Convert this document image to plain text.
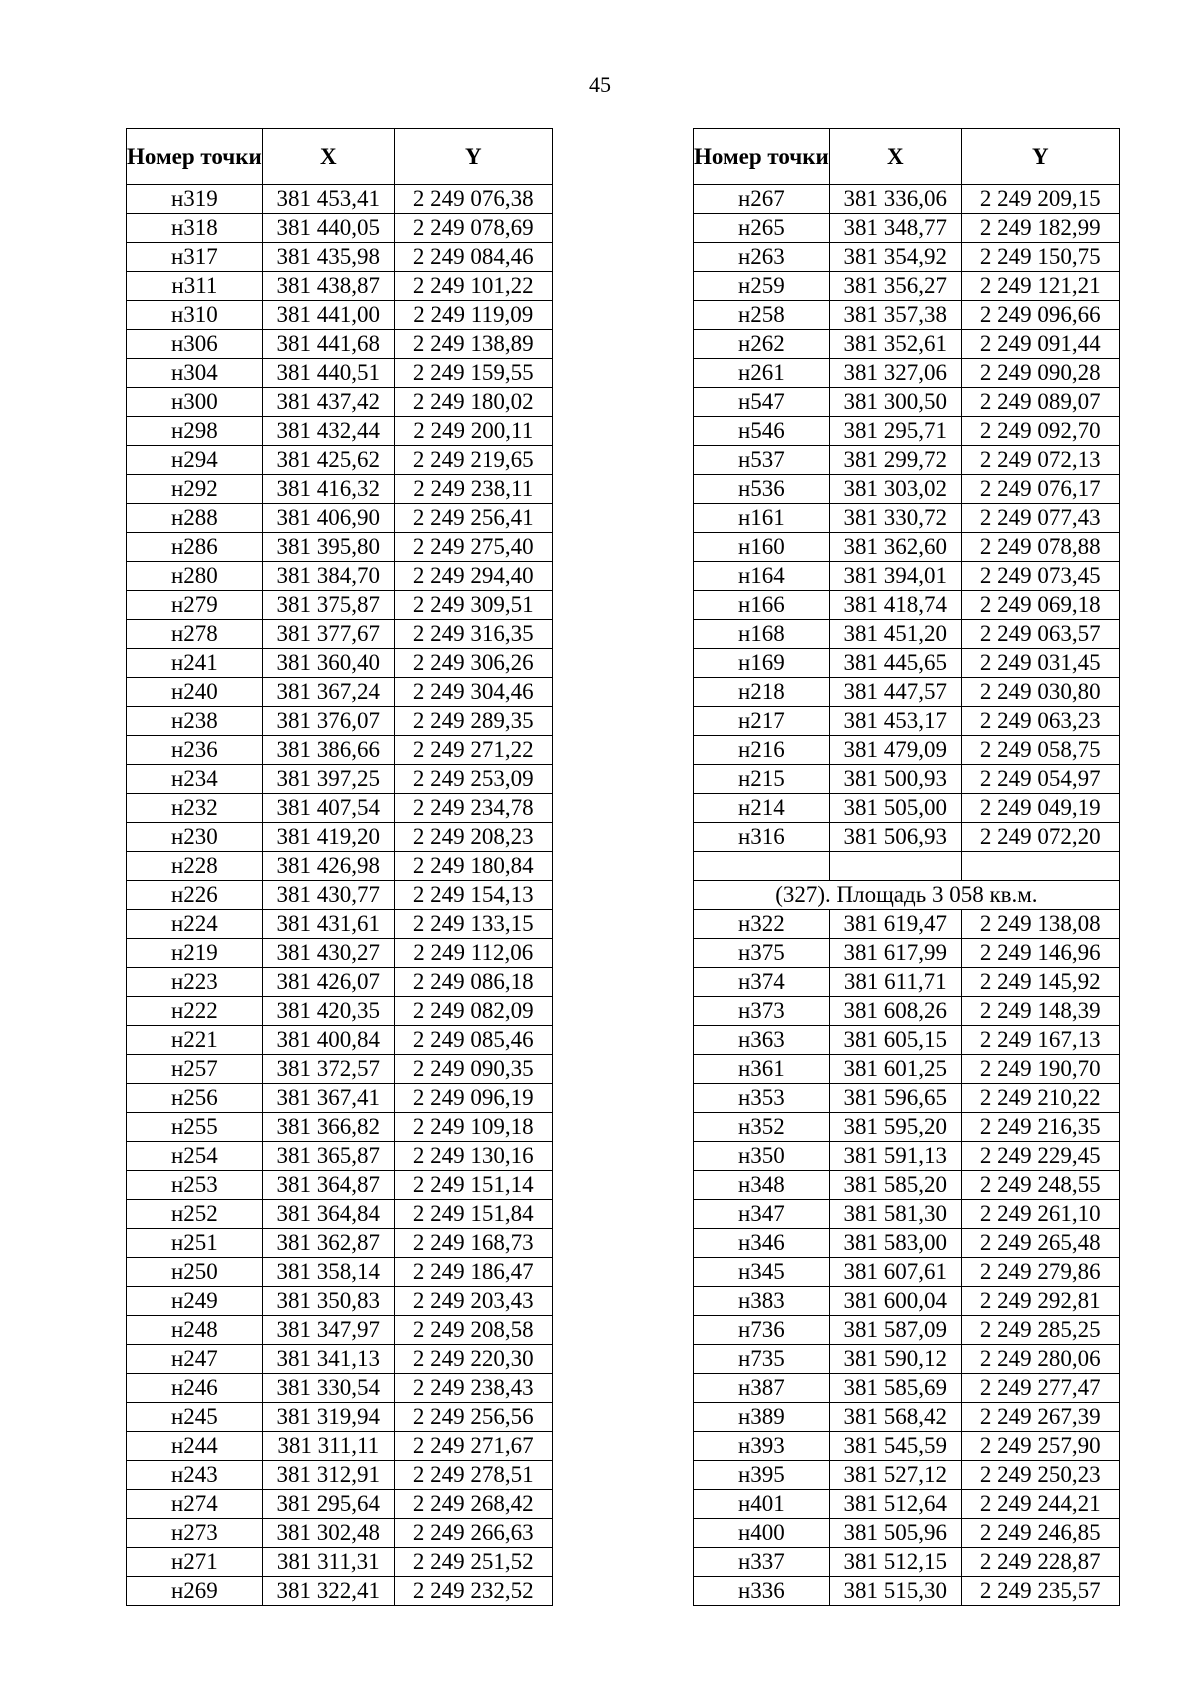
45
Номер точки	X	Y
н319	381 453,41	2 249 076,38
н318	381 440,05	2 249 078,69
н317	381 435,98	2 249 084,46
н311	381 438,87	2 249 101,22
н310	381 441,00	2 249 119,09
н306	381 441,68	2 249 138,89
н304	381 440,51	2 249 159,55
н300	381 437,42	2 249 180,02
н298	381 432,44	2 249 200,11
н294	381 425,62	2 249 219,65
н292	381 416,32	2 249 238,11
н288	381 406,90	2 249 256,41
н286	381 395,80	2 249 275,40
н280	381 384,70	2 249 294,40
н279	381 375,87	2 249 309,51
н278	381 377,67	2 249 316,35
н241	381 360,40	2 249 306,26
н240	381 367,24	2 249 304,46
н238	381 376,07	2 249 289,35
н236	381 386,66	2 249 271,22
н234	381 397,25	2 249 253,09
н232	381 407,54	2 249 234,78
н230	381 419,20	2 249 208,23
н228	381 426,98	2 249 180,84
н226	381 430,77	2 249 154,13
н224	381 431,61	2 249 133,15
н219	381 430,27	2 249 112,06
н223	381 426,07	2 249 086,18
н222	381 420,35	2 249 082,09
н221	381 400,84	2 249 085,46
н257	381 372,57	2 249 090,35
н256	381 367,41	2 249 096,19
н255	381 366,82	2 249 109,18
н254	381 365,87	2 249 130,16
н253	381 364,87	2 249 151,14
н252	381 364,84	2 249 151,84
н251	381 362,87	2 249 168,73
н250	381 358,14	2 249 186,47
н249	381 350,83	2 249 203,43
н248	381 347,97	2 249 208,58
н247	381 341,13	2 249 220,30
н246	381 330,54	2 249 238,43
н245	381 319,94	2 249 256,56
н244	381 311,11	2 249 271,67
н243	381 312,91	2 249 278,51
н274	381 295,64	2 249 268,42
н273	381 302,48	2 249 266,63
н271	381 311,31	2 249 251,52
н269	381 322,41	2 249 232,52
Номер точки	X	Y
н267	381 336,06	2 249 209,15
н265	381 348,77	2 249 182,99
н263	381 354,92	2 249 150,75
н259	381 356,27	2 249 121,21
н258	381 357,38	2 249 096,66
н262	381 352,61	2 249 091,44
н261	381 327,06	2 249 090,28
н547	381 300,50	2 249 089,07
н546	381 295,71	2 249 092,70
н537	381 299,72	2 249 072,13
н536	381 303,02	2 249 076,17
н161	381 330,72	2 249 077,43
н160	381 362,60	2 249 078,88
н164	381 394,01	2 249 073,45
н166	381 418,74	2 249 069,18
н168	381 451,20	2 249 063,57
н169	381 445,65	2 249 031,45
н218	381 447,57	2 249 030,80
н217	381 453,17	2 249 063,23
н216	381 479,09	2 249 058,75
н215	381 500,93	2 249 054,97
н214	381 505,00	2 249 049,19
н316	381 506,93	2 249 072,20

(327). Площадь 3 058 кв.м.		
н322	381 619,47	2 249 138,08
н375	381 617,99	2 249 146,96
н374	381 611,71	2 249 145,92
н373	381 608,26	2 249 148,39
н363	381 605,15	2 249 167,13
н361	381 601,25	2 249 190,70
н353	381 596,65	2 249 210,22
н352	381 595,20	2 249 216,35
н350	381 591,13	2 249 229,45
н348	381 585,20	2 249 248,55
н347	381 581,30	2 249 261,10
н346	381 583,00	2 249 265,48
н345	381 607,61	2 249 279,86
н383	381 600,04	2 249 292,81
н736	381 587,09	2 249 285,25
н735	381 590,12	2 249 280,06
н387	381 585,69	2 249 277,47
н389	381 568,42	2 249 267,39
н393	381 545,59	2 249 257,90
н395	381 527,12	2 249 250,23
н401	381 512,64	2 249 244,21
н400	381 505,96	2 249 246,85
н337	381 512,15	2 249 228,87
н336	381 515,30	2 249 235,57
